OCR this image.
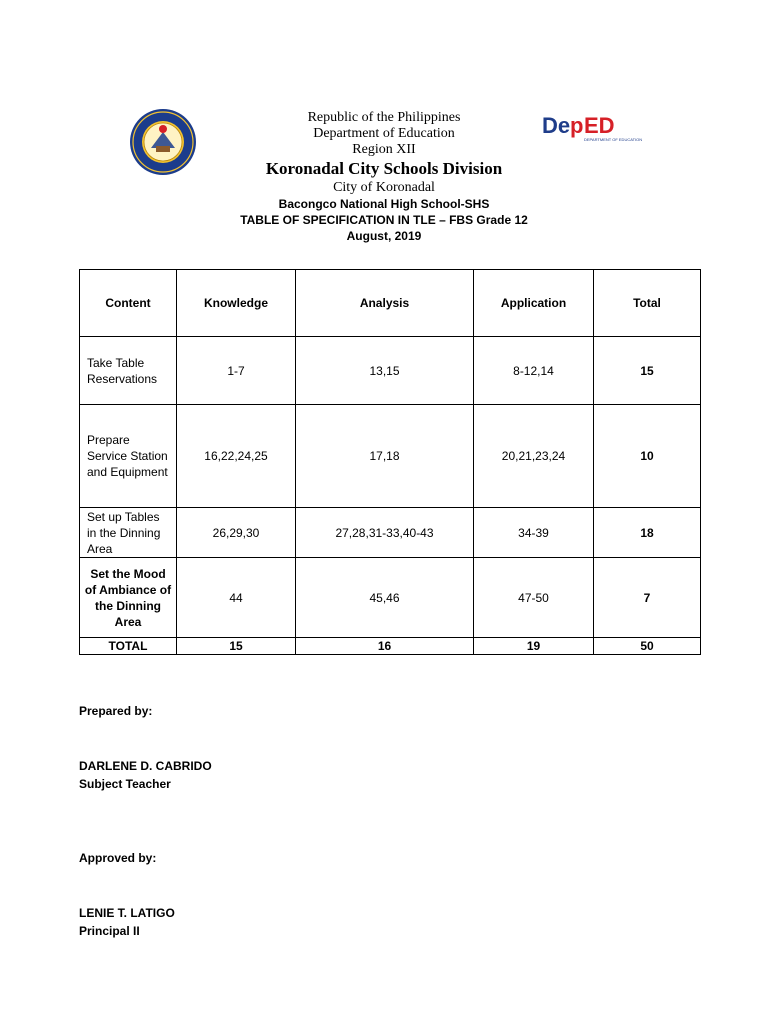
Republic of the Philippines
Department of Education
Region XII
Koronadal City Schools Division
City of Koronadal
Bacongco National High School-SHS
TABLE OF SPECIFICATION IN TLE – FBS Grade 12
August, 2019
De p ED
DEPARTMENT OF EDUCATION
Content	Knowledge	Analysis	Application	Total
Take Table Reservations	1-7	13,15	8-12,14	15
Prepare Service Station and Equipment	16,22,24,25	17,18	20,21,23,24	10
Set up Tables in the Dinning Area	26,29,30	27,28,31-33,40-43	34-39	18
Set the Mood of Ambiance of the Dinning Area	44	45,46	47-50	7
TOTAL	15	16	19	50
Prepared by:
DARLENE D. CABRIDO
Subject Teacher
Approved by:
LENIE T. LATIGO
Principal II
